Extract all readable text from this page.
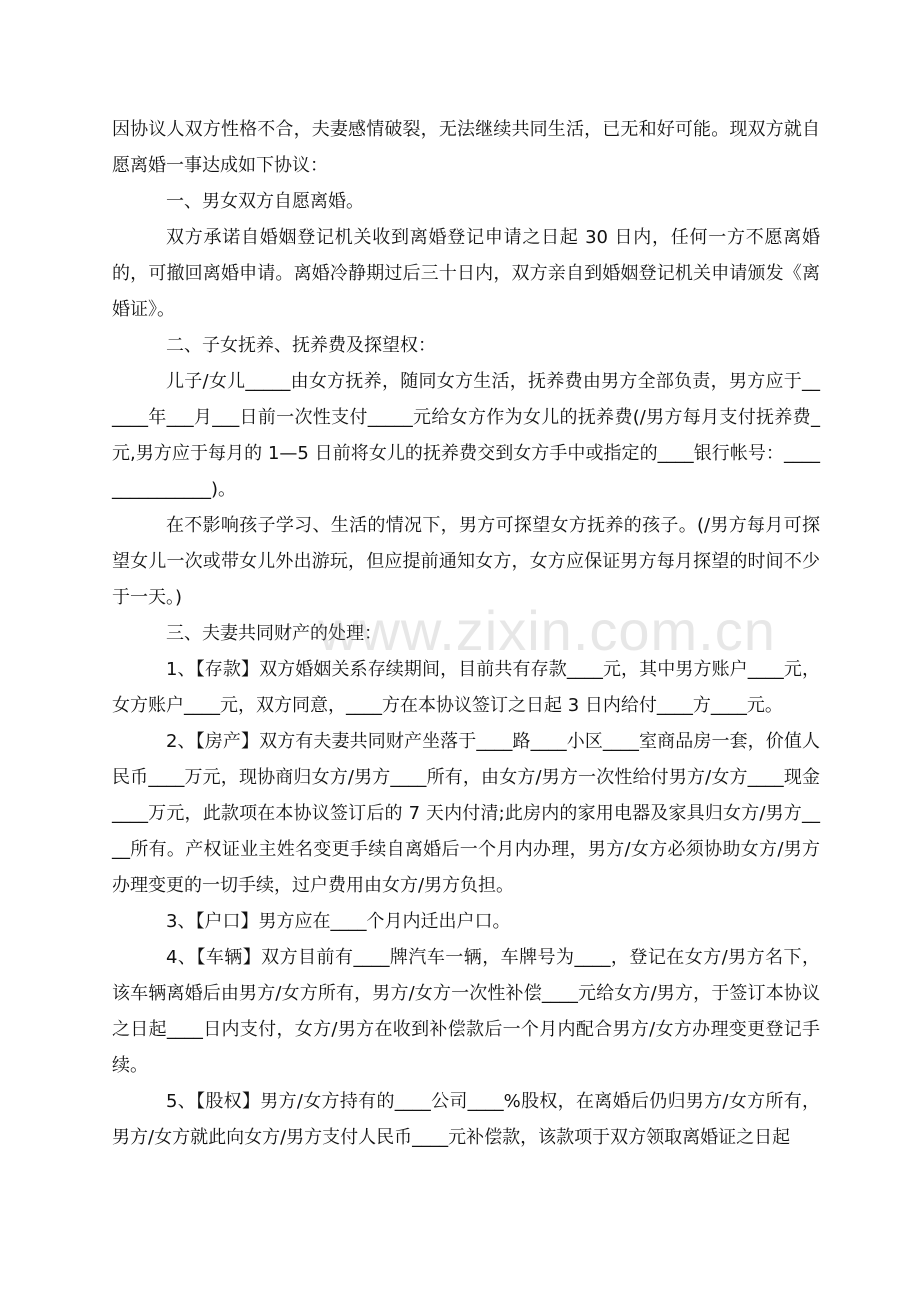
因协议人双方性格不合，夫妻感情破裂，无法继续共同生活，已无和好可能。现双方就自愿离婚一事达成如下协议：

一、男女双方自愿离婚。

双方承诺自婚姻登记机关收到离婚登记申请之日起 30 日内，任何一方不愿离婚的，可撤回离婚申请。离婚冷静期过后三十日内，双方亲自到婚姻登记机关申请颁发《离婚证》。

二、子女抚养、抚养费及探望权：

儿子/女儿_____由女方抚养，随同女方生活，抚养费由男方全部负责，男方应于______年___月___日前一次性支付_____元给女方作为女儿的抚养费(/男方每月支付抚养费_元,男方应于每月的 1—5 日前将女儿的抚养费交到女方手中或指定的____银行帐号：_______________)。

在不影响孩子学习、生活的情况下，男方可探望女方抚养的孩子。(/男方每月可探望女儿一次或带女儿外出游玩，但应提前通知女方，女方应保证男方每月探望的时间不少于一天。)

三、夫妻共同财产的处理：

1、【存款】双方婚姻关系存续期间，目前共有存款____元，其中男方账户____元，女方账户____元，双方同意，____方在本协议签订之日起 3 日内给付____方____元。

2、【房产】双方有夫妻共同财产坐落于____路____小区____室商品房一套，价值人民币____万元，现协商归女方/男方____所有，由女方/男方一次性给付男方/女方____现金____万元，此款项在本协议签订后的 7 天内付清;此房内的家用电器及家具归女方/男方____所有。产权证业主姓名变更手续自离婚后一个月内办理，男方/女方必须协助女方/男方办理变更的一切手续，过户费用由女方/男方负担。

3、【户口】男方应在____个月内迁出户口。

4、【车辆】双方目前有____牌汽车一辆，车牌号为____，登记在女方/男方名下，该车辆离婚后由男方/女方所有，男方/女方一次性补偿____元给女方/男方，于签订本协议之日起____日内支付，女方/男方在收到补偿款后一个月内配合男方/女方办理变更登记手续。

5、【股权】男方/女方持有的____公司____%股权，在离婚后仍归男方/女方所有，男方/女方就此向女方/男方支付人民币____元补偿款，该款项于双方领取离婚证之日起

www.zixin.com.cn
